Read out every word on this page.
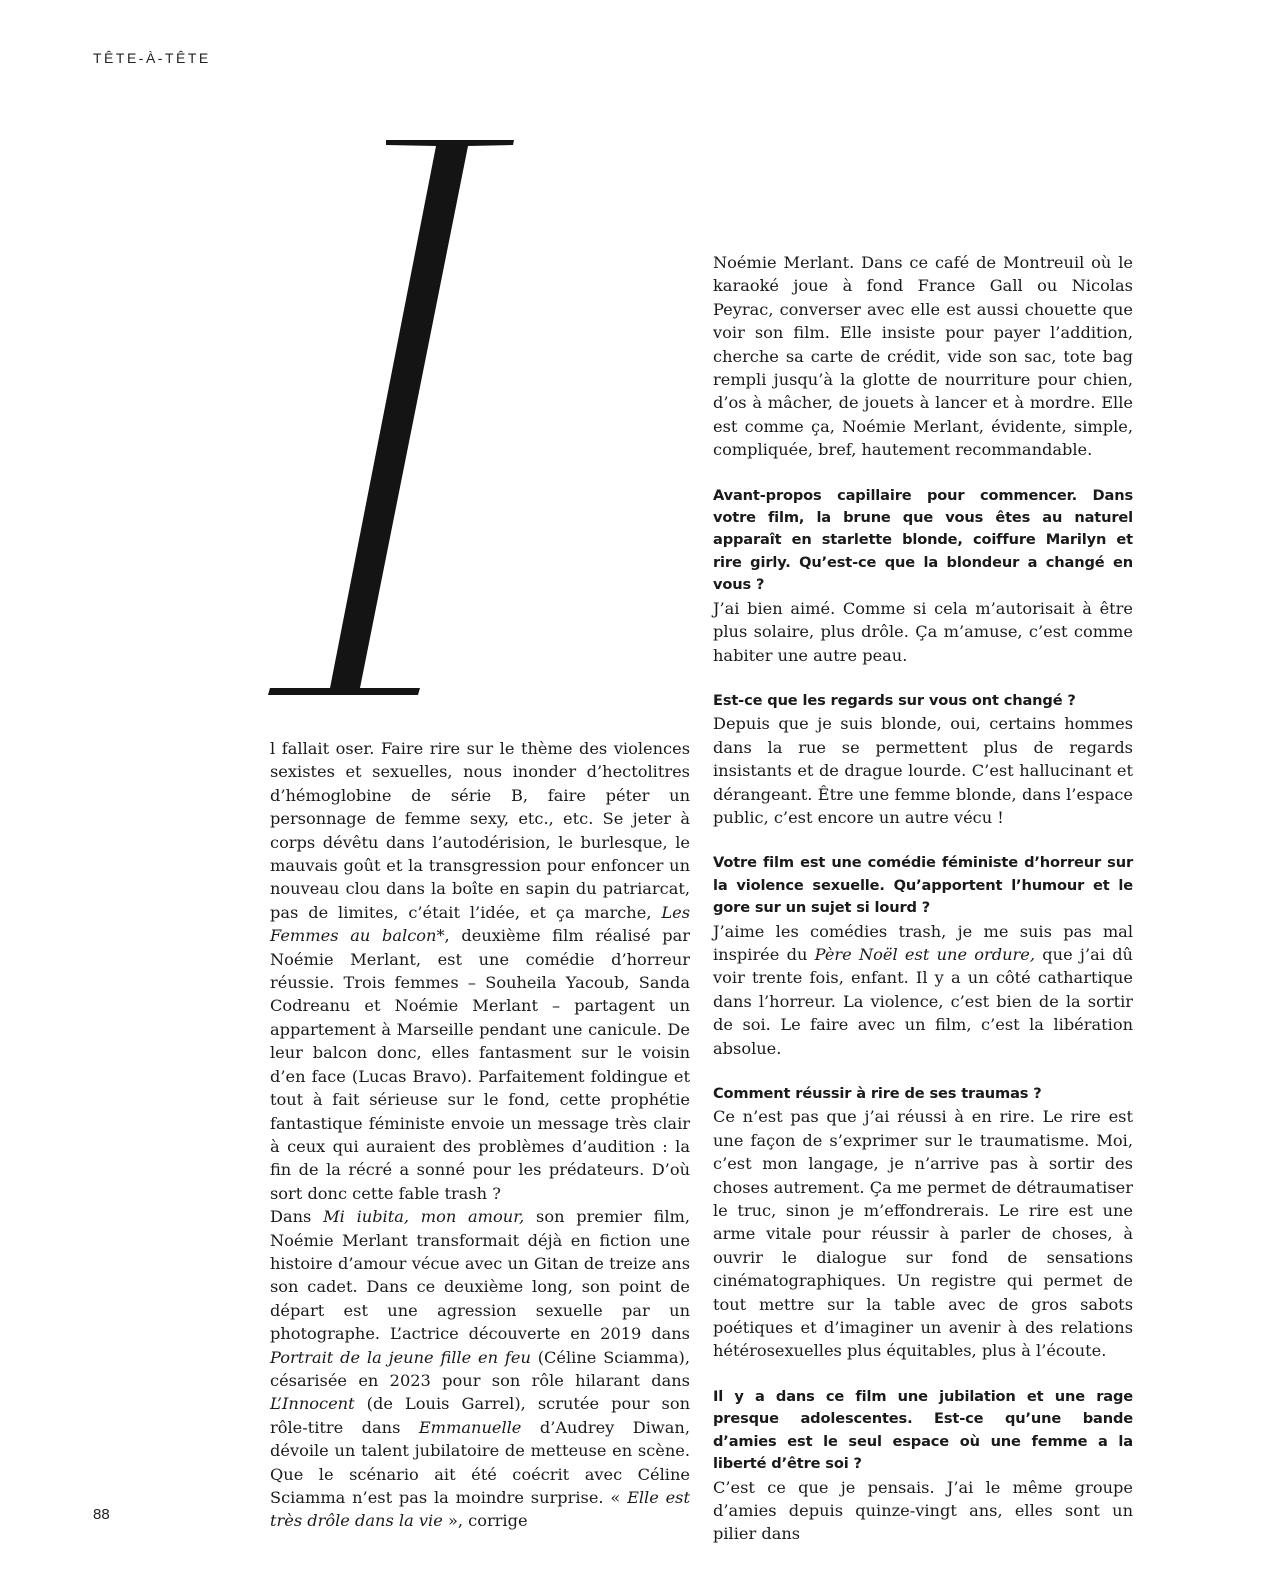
TÊTE-À-TÊTE

l fallait oser. Faire rire sur le thème des violences sexistes et sexuelles, nous inonder d’hectolitres d’hémoglobine de série B, faire péter un personnage de femme sexy, etc., etc. Se jeter à corps dévêtu dans l’autodérision, le burlesque, le mauvais goût et la transgression pour enfoncer un nouveau clou dans la boîte en sapin du patriarcat, pas de limites, c’était l’idée, et ça marche, Les Femmes au balcon*, deuxième film réalisé par Noémie Merlant, est une comédie d’horreur réussie. Trois femmes – Souheila Yacoub, Sanda Codreanu et Noémie Merlant – partagent un appartement à Marseille pendant une canicule. De leur balcon donc, elles fantasment sur le voisin d’en face (Lucas Bravo). Parfaitement foldingue et tout à fait sérieuse sur le fond, cette prophétie fantastique féministe envoie un message très clair à ceux qui auraient des problèmes d’audition : la fin de la récré a sonné pour les prédateurs. D’où sort donc cette fable trash ?

Dans Mi iubita, mon amour, son premier film, Noémie Merlant transformait déjà en fiction une histoire d’amour vécue avec un Gitan de treize ans son cadet. Dans ce deuxième long, son point de départ est une agression sexuelle par un photographe. L’actrice découverte en 2019 dans Portrait de la jeune fille en feu (Céline Sciamma), césarisée en 2023 pour son rôle hilarant dans L’Innocent (de Louis Garrel), scrutée pour son rôle-titre dans Emmanuelle d’Audrey Diwan, dévoile un talent jubilatoire de metteuse en scène. Que le scénario ait été coécrit avec Céline Sciamma n’est pas la moindre surprise. « Elle est très drôle dans la vie », corrige

Noémie Merlant. Dans ce café de Montreuil où le karaoké joue à fond France Gall ou Nicolas Peyrac, converser avec elle est aussi chouette que voir son film. Elle insiste pour payer l’addition, cherche sa carte de crédit, vide son sac, tote bag rempli jusqu’à la glotte de nourriture pour chien, d’os à mâcher, de jouets à lancer et à mordre. Elle est comme ça, Noémie Merlant, évidente, simple, compliquée, bref, hautement recommandable.

Avant-propos capillaire pour commencer. Dans votre film, la brune que vous êtes au naturel apparaît en starlette blonde, coiffure Marilyn et rire girly. Qu’est-ce que la blondeur a changé en vous ?

J’ai bien aimé. Comme si cela m’autorisait à être plus solaire, plus drôle. Ça m’amuse, c’est comme habiter une autre peau.

Est-ce que les regards sur vous ont changé ?

Depuis que je suis blonde, oui, certains hommes dans la rue se permettent plus de regards insistants et de drague lourde. C’est hallucinant et dérangeant. Être une femme blonde, dans l’espace public, c’est encore un autre vécu !

Votre film est une comédie féministe d’horreur sur la violence sexuelle. Qu’apportent l’humour et le gore sur un sujet si lourd ?

J’aime les comédies trash, je me suis pas mal inspirée du Père Noël est une ordure, que j’ai dû voir trente fois, enfant. Il y a un côté cathartique dans l’horreur. La violence, c’est bien de la sortir de soi. Le faire avec un film, c’est la libération absolue.

Comment réussir à rire de ses traumas ?

Ce n’est pas que j’ai réussi à en rire. Le rire est une façon de s’exprimer sur le traumatisme. Moi, c’est mon langage, je n’arrive pas à sortir des choses autrement. Ça me permet de détraumatiser le truc, sinon je m’effondrerais. Le rire est une arme vitale pour réussir à parler de choses, à ouvrir le dialogue sur fond de sensations cinématographiques. Un registre qui permet de tout mettre sur la table avec de gros sabots poétiques et d’imaginer un avenir à des relations hétérosexuelles plus équitables, plus à l’écoute.

Il y a dans ce film une jubilation et une rage presque adolescentes. Est-ce qu’une bande d’amies est le seul espace où une femme a la liberté d’être soi ?

C’est ce que je pensais. J’ai le même groupe d’amies depuis quinze-vingt ans, elles sont un pilier dans

88
